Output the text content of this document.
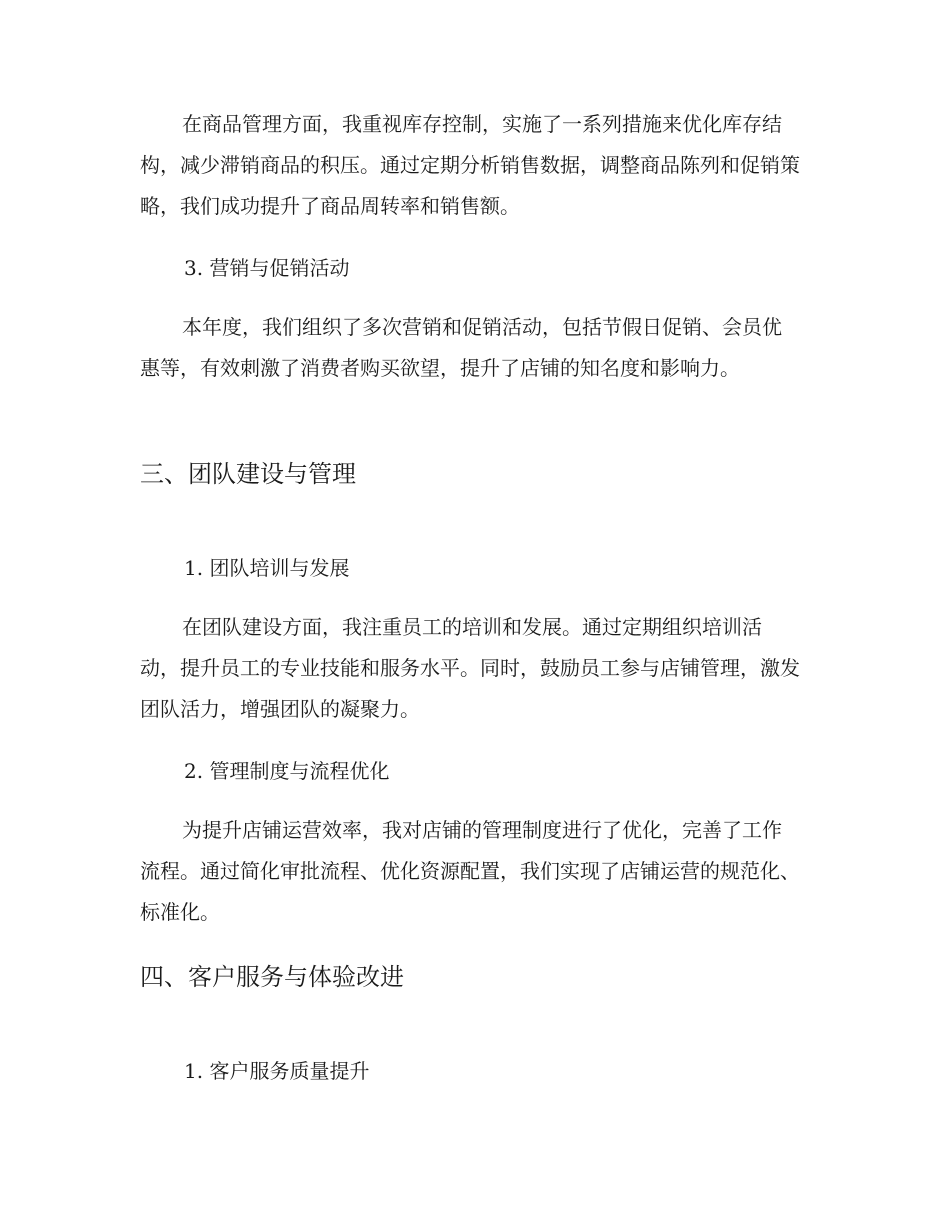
在商品管理方面，我重视库存控制，实施了一系列措施来优化库存结构，减少滞销商品的积压。通过定期分析销售数据，调整商品陈列和促销策略，我们成功提升了商品周转率和销售额。

3. 营销与促销活动

本年度，我们组织了多次营销和促销活动，包括节假日促销、会员优惠等，有效刺激了消费者购买欲望，提升了店铺的知名度和影响力。

三、团队建设与管理

1. 团队培训与发展

在团队建设方面，我注重员工的培训和发展。通过定期组织培训活动，提升员工的专业技能和服务水平。同时，鼓励员工参与店铺管理，激发团队活力，增强团队的凝聚力。

2. 管理制度与流程优化

为提升店铺运营效率，我对店铺的管理制度进行了优化，完善了工作流程。通过简化审批流程、优化资源配置，我们实现了店铺运营的规范化、标准化。

四、客户服务与体验改进

1. 客户服务质量提升
